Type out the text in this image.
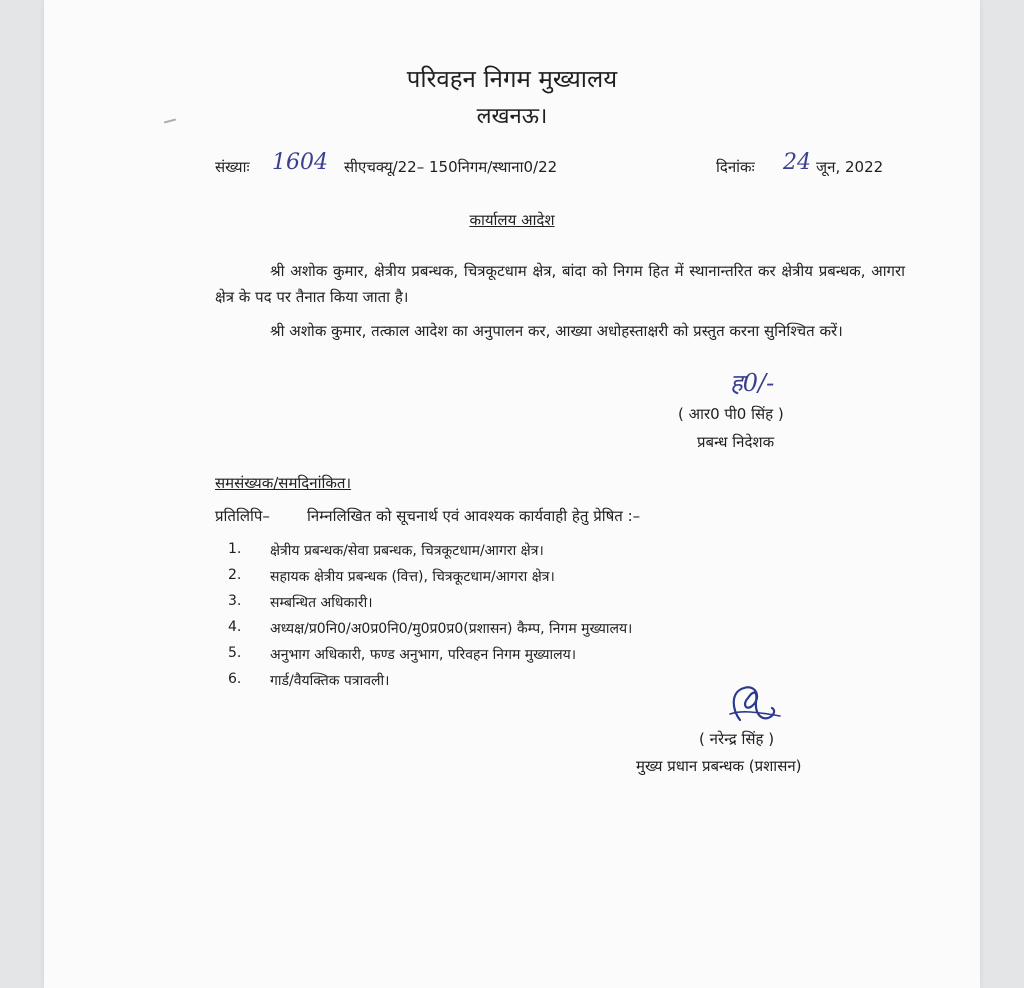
परिवहन निगम मुख्यालय
लखनऊ।
संख्याः 1604 सीएचक्यू/22– 150निगम/स्थाना0/22	दिनांकः 24 जून, 2022
कार्यालय आदेश
श्री अशोक कुमार, क्षेत्रीय प्रबन्धक, चित्रकूटधाम क्षेत्र, बांदा को निगम हित में स्थानान्तरित कर क्षेत्रीय प्रबन्धक, आगरा क्षेत्र के पद पर तैनात किया जाता है।
श्री अशोक कुमार, तत्काल आदेश का अनुपालन कर, आख्या अधोहस्ताक्षरी को प्रस्तुत करना सुनिश्चित करें।
ह0/-
( आर0 पी0 सिंह )
प्रबन्ध निदेशक
समसंख्यक/समदिनांकित।
प्रतिलिपि– निम्नलिखित को सूचनार्थ एवं आवश्यक कार्यवाही हेतु प्रेषित :–
1. क्षेत्रीय प्रबन्धक/सेवा प्रबन्धक, चित्रकूटधाम/आगरा क्षेत्र।
2. सहायक क्षेत्रीय प्रबन्धक (वित्त), चित्रकूटधाम/आगरा क्षेत्र।
3. सम्बन्धित अधिकारी।
4. अध्यक्ष/प्र0नि0/अ0प्र0नि0/मु0प्र0प्र0(प्रशासन) कैम्प, निगम मुख्यालय।
5. अनुभाग अधिकारी, फण्ड अनुभाग, परिवहन निगम मुख्यालय।
6. गार्ड/वैयक्तिक पत्रावली।
( नरेन्द्र सिंह )
मुख्य प्रधान प्रबन्धक (प्रशासन)
